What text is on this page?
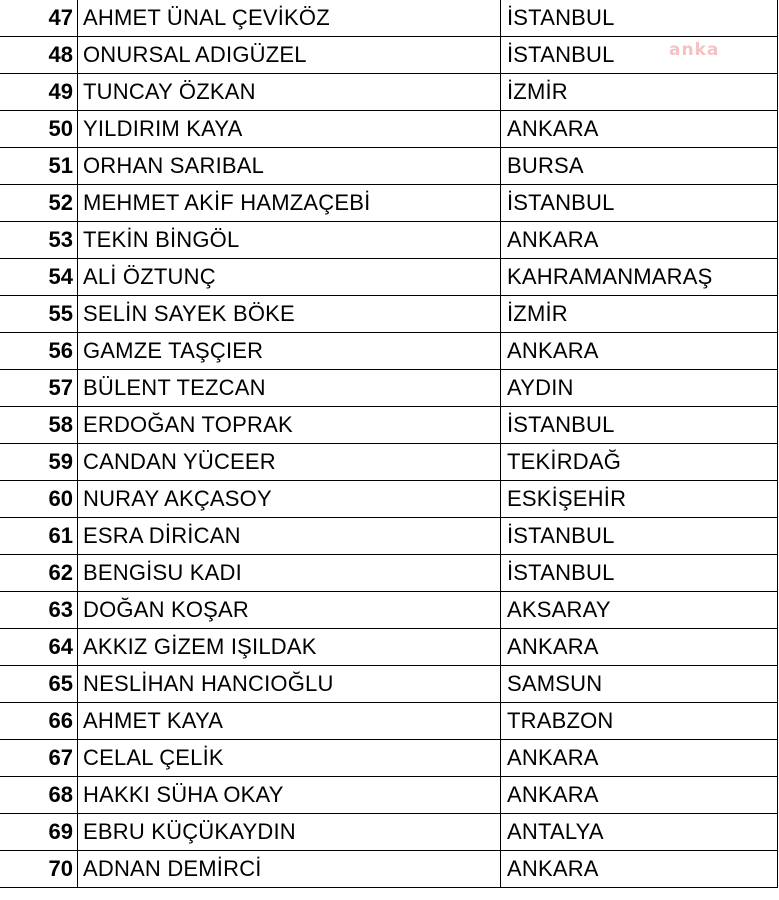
47	AHMET ÜNAL ÇEVİKÖZ	İSTANBUL
48	ONURSAL ADIGÜZEL	İSTANBUL
49	TUNCAY ÖZKAN	İZMİR
50	YILDIRIM KAYA	ANKARA
51	ORHAN SARIBAL	BURSA
52	MEHMET AKİF HAMZAÇEBİ	İSTANBUL
53	TEKİN BİNGÖL	ANKARA
54	ALİ ÖZTUNÇ	KAHRAMANMARAŞ
55	SELİN SAYEK BÖKE	İZMİR
56	GAMZE TAŞÇIER	ANKARA
57	BÜLENT TEZCAN	AYDIN
58	ERDOĞAN TOPRAK	İSTANBUL
59	CANDAN YÜCEER	TEKİRDAĞ
60	NURAY AKÇASOY	ESKİŞEHİR
61	ESRA DİRİCAN	İSTANBUL
62	BENGİSU KADI	İSTANBUL
63	DOĞAN KOŞAR	AKSARAY
64	AKKIZ GİZEM IŞILDAK	ANKARA
65	NESLİHAN HANCIOĞLU	SAMSUN
66	AHMET KAYA	TRABZON
67	CELAL ÇELİK	ANKARA
68	HAKKI SÜHA OKAY	ANKARA
69	EBRU KÜÇÜKAYDIN	ANTALYA
70	ADNAN DEMİRCİ	ANKARA
anka
